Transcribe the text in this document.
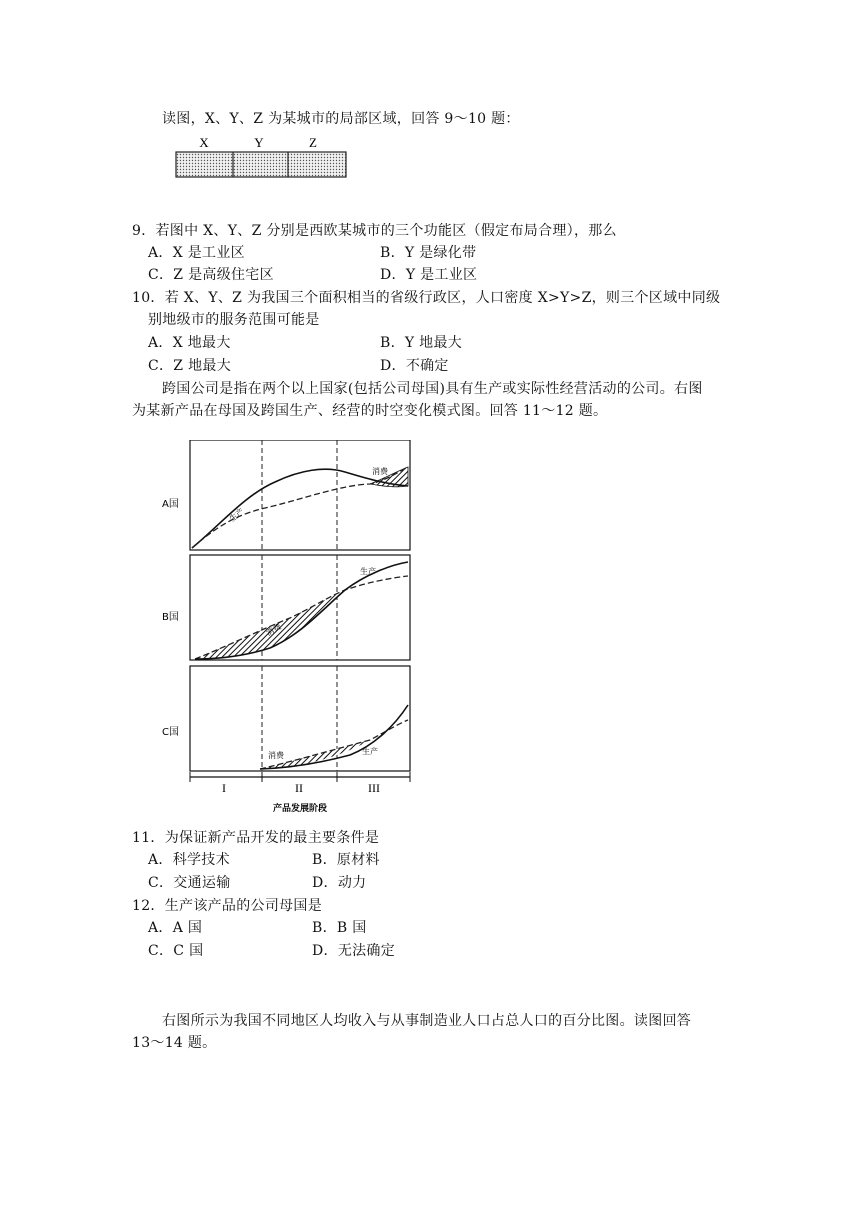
读图，X、Y、Z 为某城市的局部区域，回答 9～10 题：
X	Y	Z
9．若图中 X、Y、Z 分别是西欧某城市的三个功能区（假定布局合理），那么
A．X 是工业区	B．Y 是绿化带
C．Z 是高级住宅区	D．Y 是工业区
10．若 X、Y、Z 为我国三个面积相当的省级行政区，人口密度 X>Y>Z，则三个区域中同级
别地级市的服务范围可能是
A．X 地最大	B．Y 地最大
C．Z 地最大	D．不确定
跨国公司是指在两个以上国家(包括公司母国)具有生产或实际性经营活动的公司。右图
为某新产品在母国及跨国生产、经营的时空变化模式图。回答 11～12 题。
A国
消费
生产
B国
消费
生产
C国
消费	生产
I	II	III
产品发展阶段
11．为保证新产品开发的最主要条件是
A．科学技术	B．原材料
C．交通运输	D．动力
12．生产该产品的公司母国是
A．A 国	B．B 国
C．C 国	D．无法确定
右图所示为我国不同地区人均收入与从事制造业人口占总人口的百分比图。读图回答
13～14 题。
